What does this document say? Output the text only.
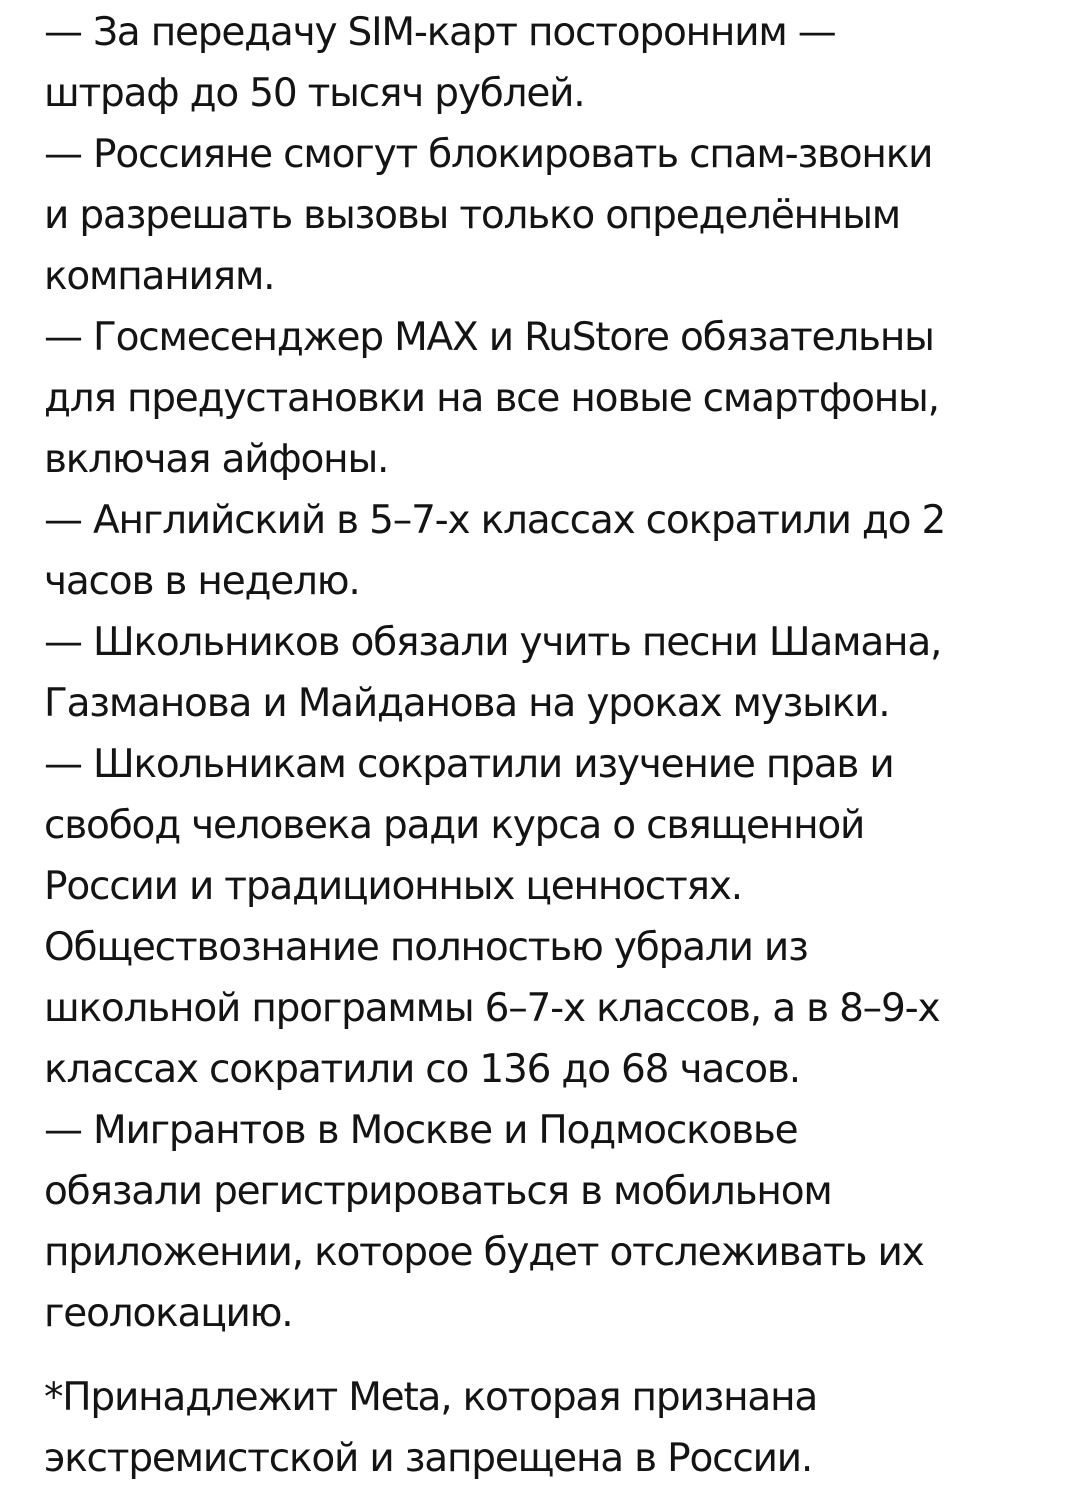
— За передачу SIM-карт посторонним —
штраф до 50 тысяч рублей.
— Россияне смогут блокировать спам-звонки
и разрешать вызовы только определённым
компаниям.
— Госмесенджер MAX и RuStore обязательны
для предустановки на все новые смартфоны,
включая айфоны.
— Английский в 5–7-х классах сократили до 2
часов в неделю.
— Школьников обязали учить песни Шамана,
Газманова и Майданова на уроках музыки.
— Школьникам сократили изучение прав и
свобод человека ради курса о священной
России и традиционных ценностях.
Обществознание полностью убрали из
школьной программы 6–7-х классов, а в 8–9-х
классах сократили со 136 до 68 часов.
— Мигрантов в Москве и Подмосковье
обязали регистрироваться в мобильном
приложении, которое будет отслеживать их
геолокацию.
*Принадлежит Meta, которая признана
экстремистской и запрещена в России.
